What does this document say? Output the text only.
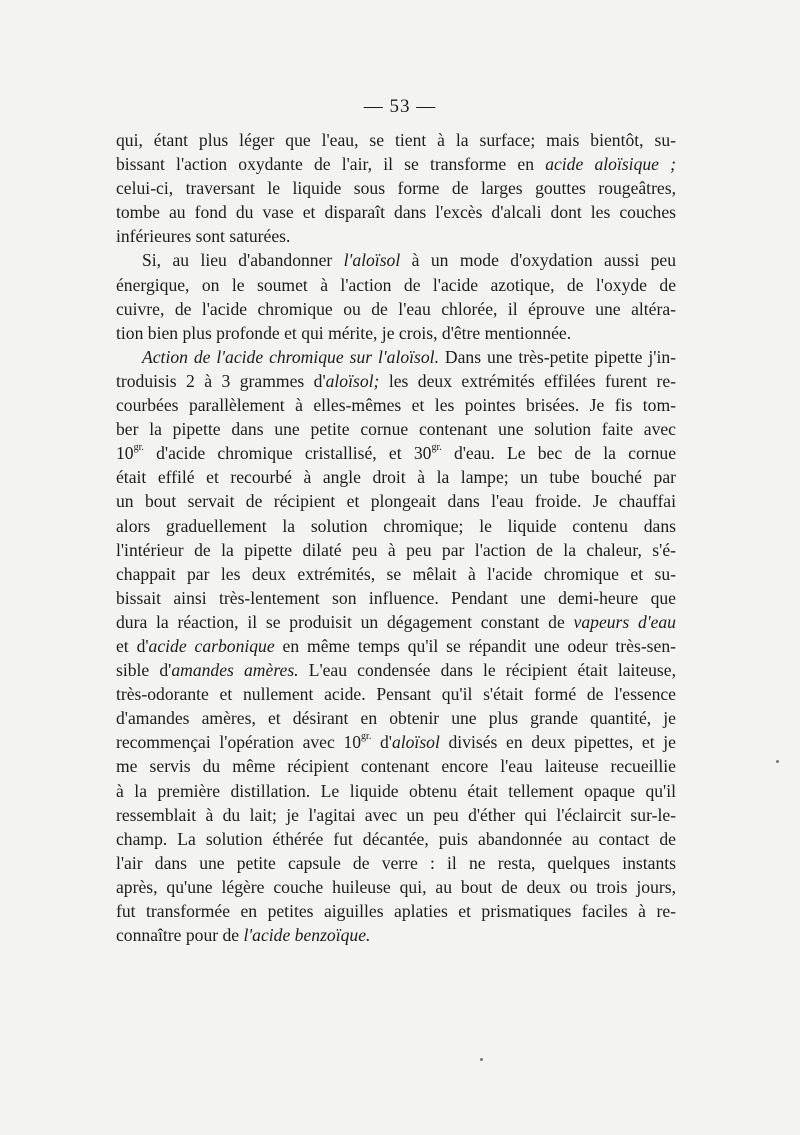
— 53 —
qui, étant plus léger que l'eau, se tient à la surface; mais bientôt, su-
bissant l'action oxydante de l'air, il se transforme en acide aloïsique ;
celui-ci, traversant le liquide sous forme de larges gouttes rougeâtres,
tombe au fond du vase et disparaît dans l'excès d'alcali dont les couches
inférieures sont saturées.
Si, au lieu d'abandonner l'aloïsol à un mode d'oxydation aussi peu
énergique, on le soumet à l'action de l'acide azotique, de l'oxyde de
cuivre, de l'acide chromique ou de l'eau chlorée, il éprouve une altéra-
tion bien plus profonde et qui mérite, je crois, d'être mentionnée.
Action de l'acide chromique sur l'aloïsol. Dans une très-petite pipette j'in-
troduisis 2 à 3 grammes d'aloïsol; les deux extrémités effilées furent re-
courbées parallèlement à elles-mêmes et les pointes brisées. Je fis tom-
ber la pipette dans une petite cornue contenant une solution faite avec
$10^{gr.}$ d'acide chromique cristallisé, et $30^{gr.}$ d'eau. Le bec de la cornue
était effilé et recourbé à angle droit à la lampe; un tube bouché par
un bout servait de récipient et plongeait dans l'eau froide. Je chauffai
alors graduellement la solution chromique; le liquide contenu dans
l'intérieur de la pipette dilaté peu à peu par l'action de la chaleur, s'é-
chappait par les deux extrémités, se mêlait à l'acide chromique et su-
bissait ainsi très-lentement son influence. Pendant une demi-heure que
dura la réaction, il se produisit un dégagement constant de vapeurs d'eau
et d'acide carbonique en même temps qu'il se répandit une odeur très-sen-
sible d'amandes amères. L'eau condensée dans le récipient était laiteuse,
très-odorante et nullement acide. Pensant qu'il s'était formé de l'essence
d'amandes amères, et désirant en obtenir une plus grande quantité, je
recommençai l'opération avec $10^{gr.}$ d'aloïsol divisés en deux pipettes, et je
me servis du même récipient contenant encore l'eau laiteuse recueillie
à la première distillation. Le liquide obtenu était tellement opaque qu'il
ressemblait à du lait; je l'agitai avec un peu d'éther qui l'éclaircit sur-le-
champ. La solution éthérée fut décantée, puis abandonnée au contact de
l'air dans une petite capsule de verre : il ne resta, quelques instants
après, qu'une légère couche huileuse qui, au bout de deux ou trois jours,
fut transformée en petites aiguilles aplaties et prismatiques faciles à re-
connaître pour de l'acide benzoïque.
